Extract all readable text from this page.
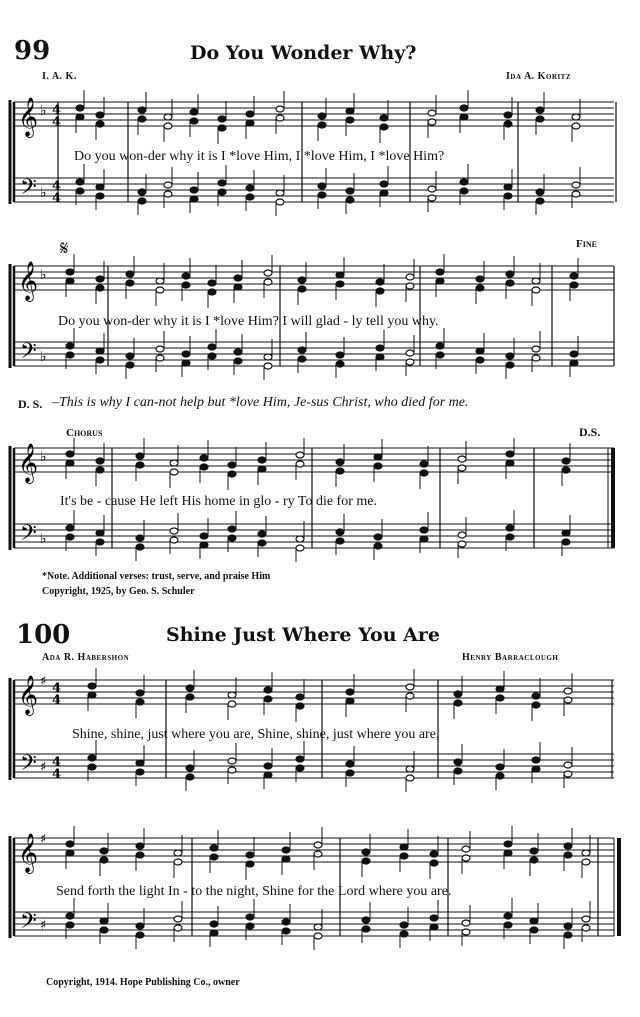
99	Do You Wonder Why?
I. A. K.	Ida A. Koritz
𝄞
𝄢
♭
♭
4
4
4
4
Do you won-der why it is I *love Him, I *love Him, I *love Him?
𝄋	Fine
𝄞
𝄢
♭
♭
Do you won-der why it is I *love Him? I will glad - ly tell you why.
D. S. –This is why I can-not help but *love Him, Je-sus Christ, who died for me.
Chorus	D.S.
𝄞
𝄢
♭
♭
It's be - cause He left His home in glo - ry To die for me.
*Note. Additional verses: trust, serve, and praise Him
Copyright, 1925, by Geo. S. Schuler
100	Shine Just Where You Are
Ada R. Habershon	Henry Barraclough
𝄞
𝄢
♯
♯
4
4
4
4
Shine, shine, just where you are, Shine, shine, just where you are,
𝄞
𝄢
♯
♯
Send forth the light In - to the night, Shine for the Lord where you are.
Copyright, 1914. Hope Publishing Co., owner
